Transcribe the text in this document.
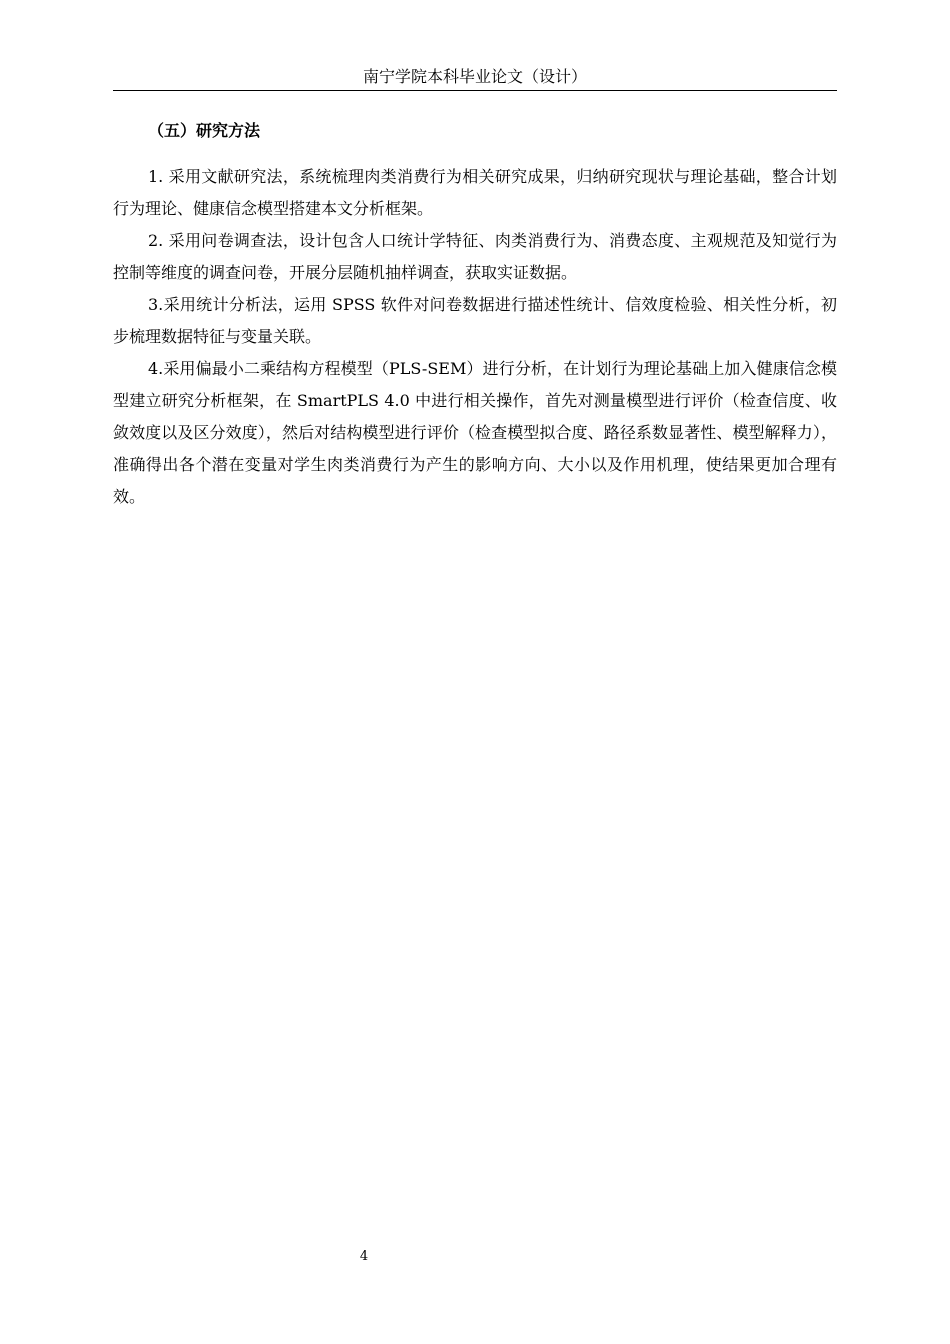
南宁学院本科毕业论文（设计）
（五）研究方法

1. 采用文献研究法，系统梳理肉类消费行为相关研究成果，归纳研究现状与理论基础，整合计划行为理论、健康信念模型搭建本文分析框架。

2. 采用问卷调查法，设计包含人口统计学特征、肉类消费行为、消费态度、主观规范及知觉行为控制等维度的调查问卷，开展分层随机抽样调查，获取实证数据。

3.采用统计分析法，运用 SPSS 软件对问卷数据进行描述性统计、信效度检验、相关性分析，初步梳理数据特征与变量关联。

4.采用偏最小二乘结构方程模型（PLS-SEM）进行分析，在计划行为理论基础上加入健康信念模型建立研究分析框架，在 SmartPLS 4.0 中进行相关操作，首先对测量模型进行评价（检查信度、收敛效度以及区分效度），然后对结构模型进行评价（检查模型拟合度、路径系数显著性、模型解释力），准确得出各个潜在变量对学生肉类消费行为产生的影响方向、大小以及作用机理，使结果更加合理有效。

4
